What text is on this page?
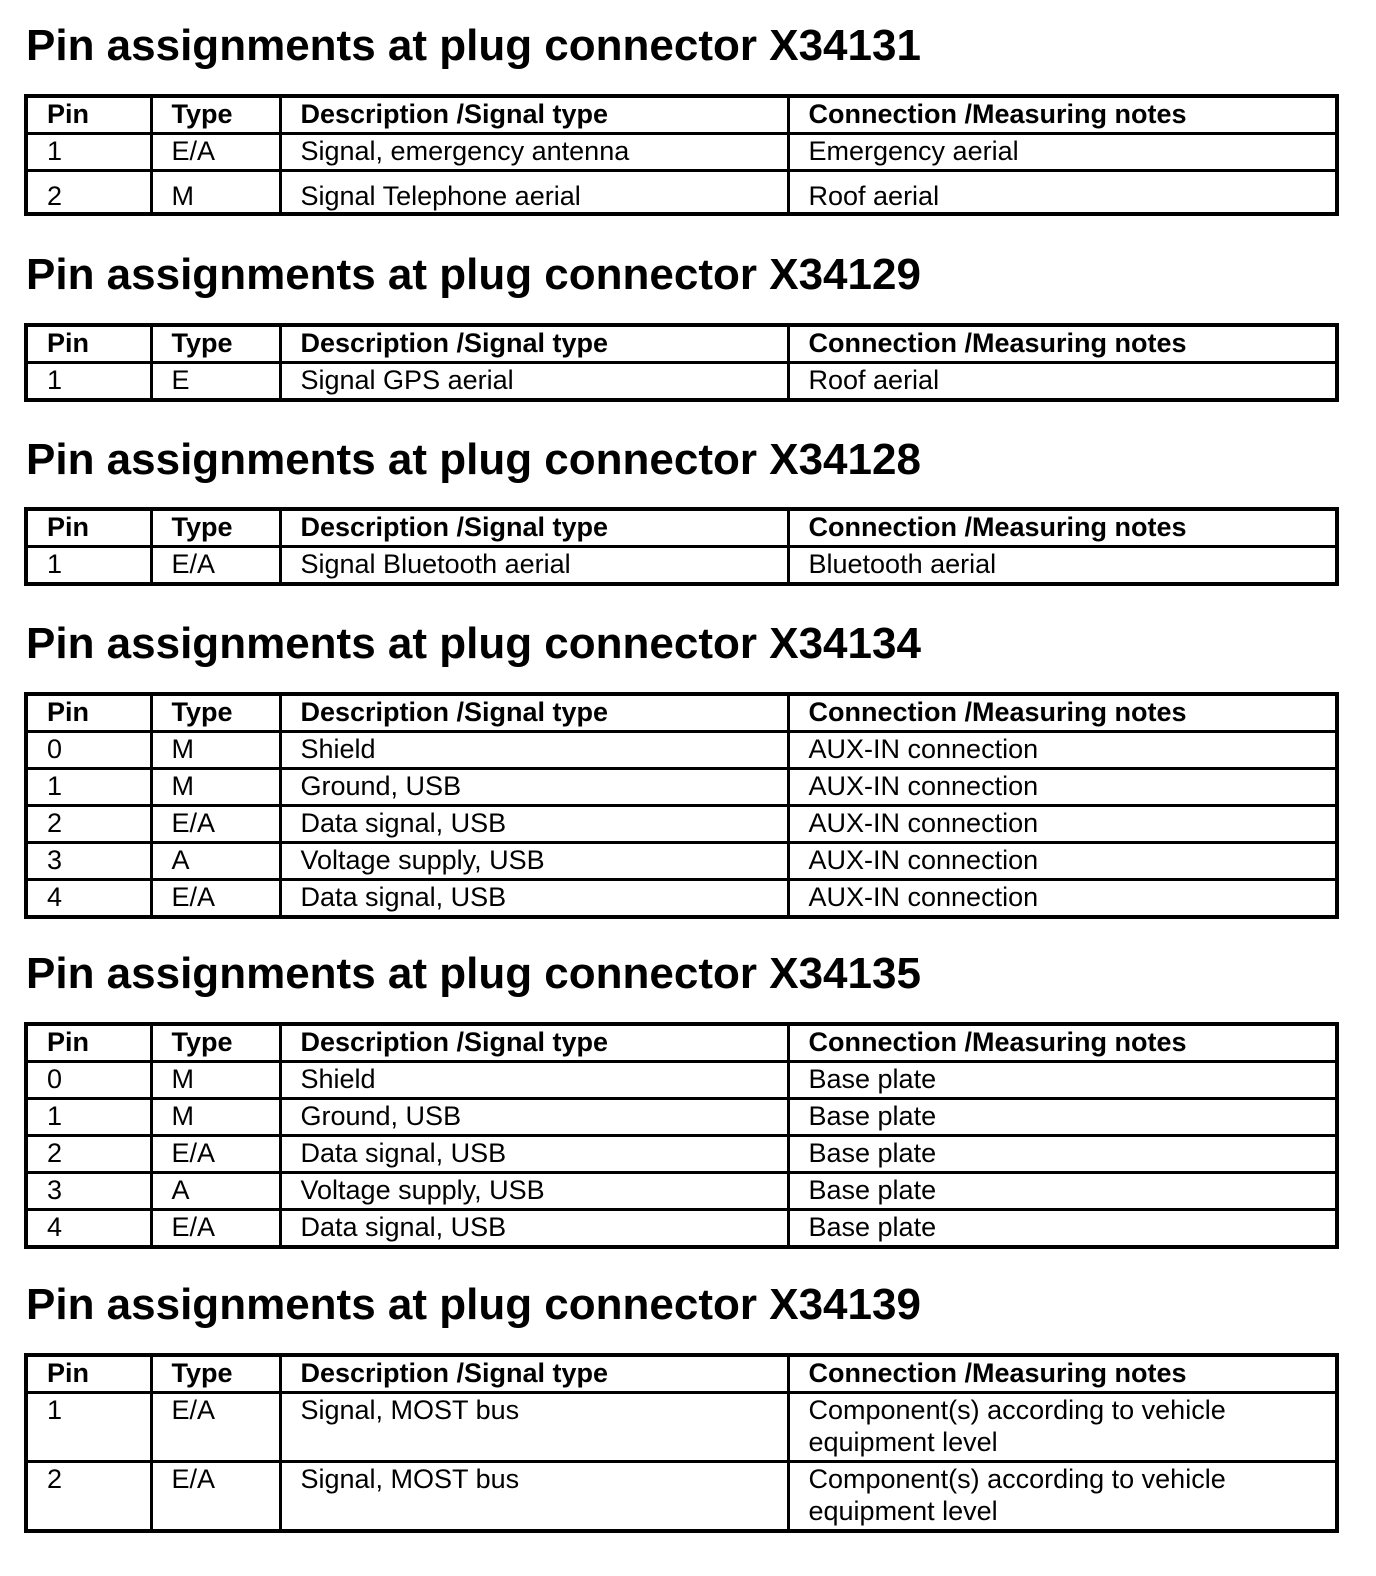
Pin assignments at plug connector X34131
Pin	Type	Description /Signal type	Connection /Measuring notes
1	E/A	Signal, emergency antenna	Emergency aerial
2	M	Signal Telephone aerial	Roof aerial
Pin assignments at plug connector X34129
Pin	Type	Description /Signal type	Connection /Measuring notes
1	E	Signal GPS aerial	Roof aerial
Pin assignments at plug connector X34128
Pin	Type	Description /Signal type	Connection /Measuring notes
1	E/A	Signal Bluetooth aerial	Bluetooth aerial
Pin assignments at plug connector X34134
Pin	Type	Description /Signal type	Connection /Measuring notes
0	M	Shield	AUX-IN connection
1	M	Ground, USB	AUX-IN connection
2	E/A	Data signal, USB	AUX-IN connection
3	A	Voltage supply, USB	AUX-IN connection
4	E/A	Data signal, USB	AUX-IN connection
Pin assignments at plug connector X34135
Pin	Type	Description /Signal type	Connection /Measuring notes
0	M	Shield	Base plate
1	M	Ground, USB	Base plate
2	E/A	Data signal, USB	Base plate
3	A	Voltage supply, USB	Base plate
4	E/A	Data signal, USB	Base plate
Pin assignments at plug connector X34139
Pin	Type	Description /Signal type	Connection /Measuring notes
1	E/A	Signal, MOST bus	Component(s) according to vehicle equipment level
2	E/A	Signal, MOST bus	Component(s) according to vehicle equipment level
